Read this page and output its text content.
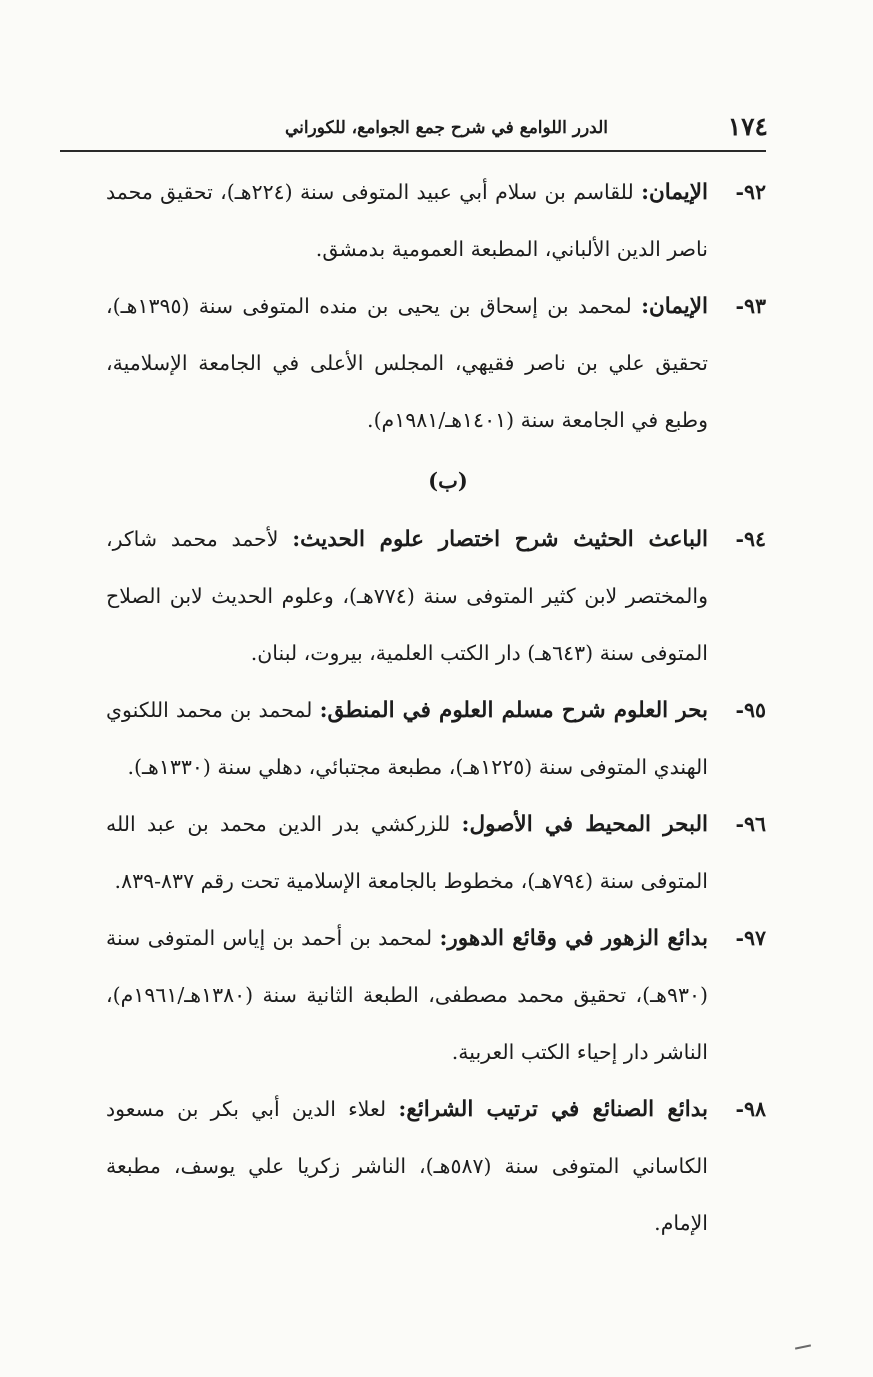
١٧٤
الدرر اللوامع في شرح جمع الجوامع، للكوراني
٩٢-
الإيمان: للقاسم بن سلام أبي عبيد المتوفى سنة (٢٢٤هـ)، تحقيق محمد ناصر الدين الألباني، المطبعة العمومية بدمشق.
٩٣-
الإيمان: لمحمد بن إسحاق بن يحيى بن منده المتوفى سنة (١٣٩٥هـ)، تحقيق علي بن ناصر فقيهي، المجلس الأعلى في الجامعة الإسلامية، وطبع في الجامعة سنة (١٤٠١هـ/١٩٨١م).
(ب)
٩٤-
الباعث الحثيث شرح اختصار علوم الحديث: لأحمد محمد شاكر، والمختصر لابن كثير المتوفى سنة (٧٧٤هـ)، وعلوم الحديث لابن الصلاح المتوفى سنة (٦٤٣هـ) دار الكتب العلمية، بيروت، لبنان.
٩٥-
بحر العلوم شرح مسلم العلوم في المنطق: لمحمد بن محمد اللكنوي الهندي المتوفى سنة (١٢٢٥هـ)، مطبعة مجتبائي، دهلي سنة (١٣٣٠هـ).
٩٦-
البحر المحيط في الأصول: للزركشي بدر الدين محمد بن عبد الله المتوفى سنة (٧٩٤هـ)، مخطوط بالجامعة الإسلامية تحت رقم ٨٣٧-٨٣٩.
٩٧-
بدائع الزهور في وقائع الدهور: لمحمد بن أحمد بن إياس المتوفى سنة (٩٣٠هـ)، تحقيق محمد مصطفى، الطبعة الثانية سنة (١٣٨٠هـ/١٩٦١م)، الناشر دار إحياء الكتب العربية.
٩٨-
بدائع الصنائع في ترتيب الشرائع: لعلاء الدين أبي بكر بن مسعود الكاساني المتوفى سنة (٥٨٧هـ)، الناشر زكريا علي يوسف، مطبعة الإمام.
